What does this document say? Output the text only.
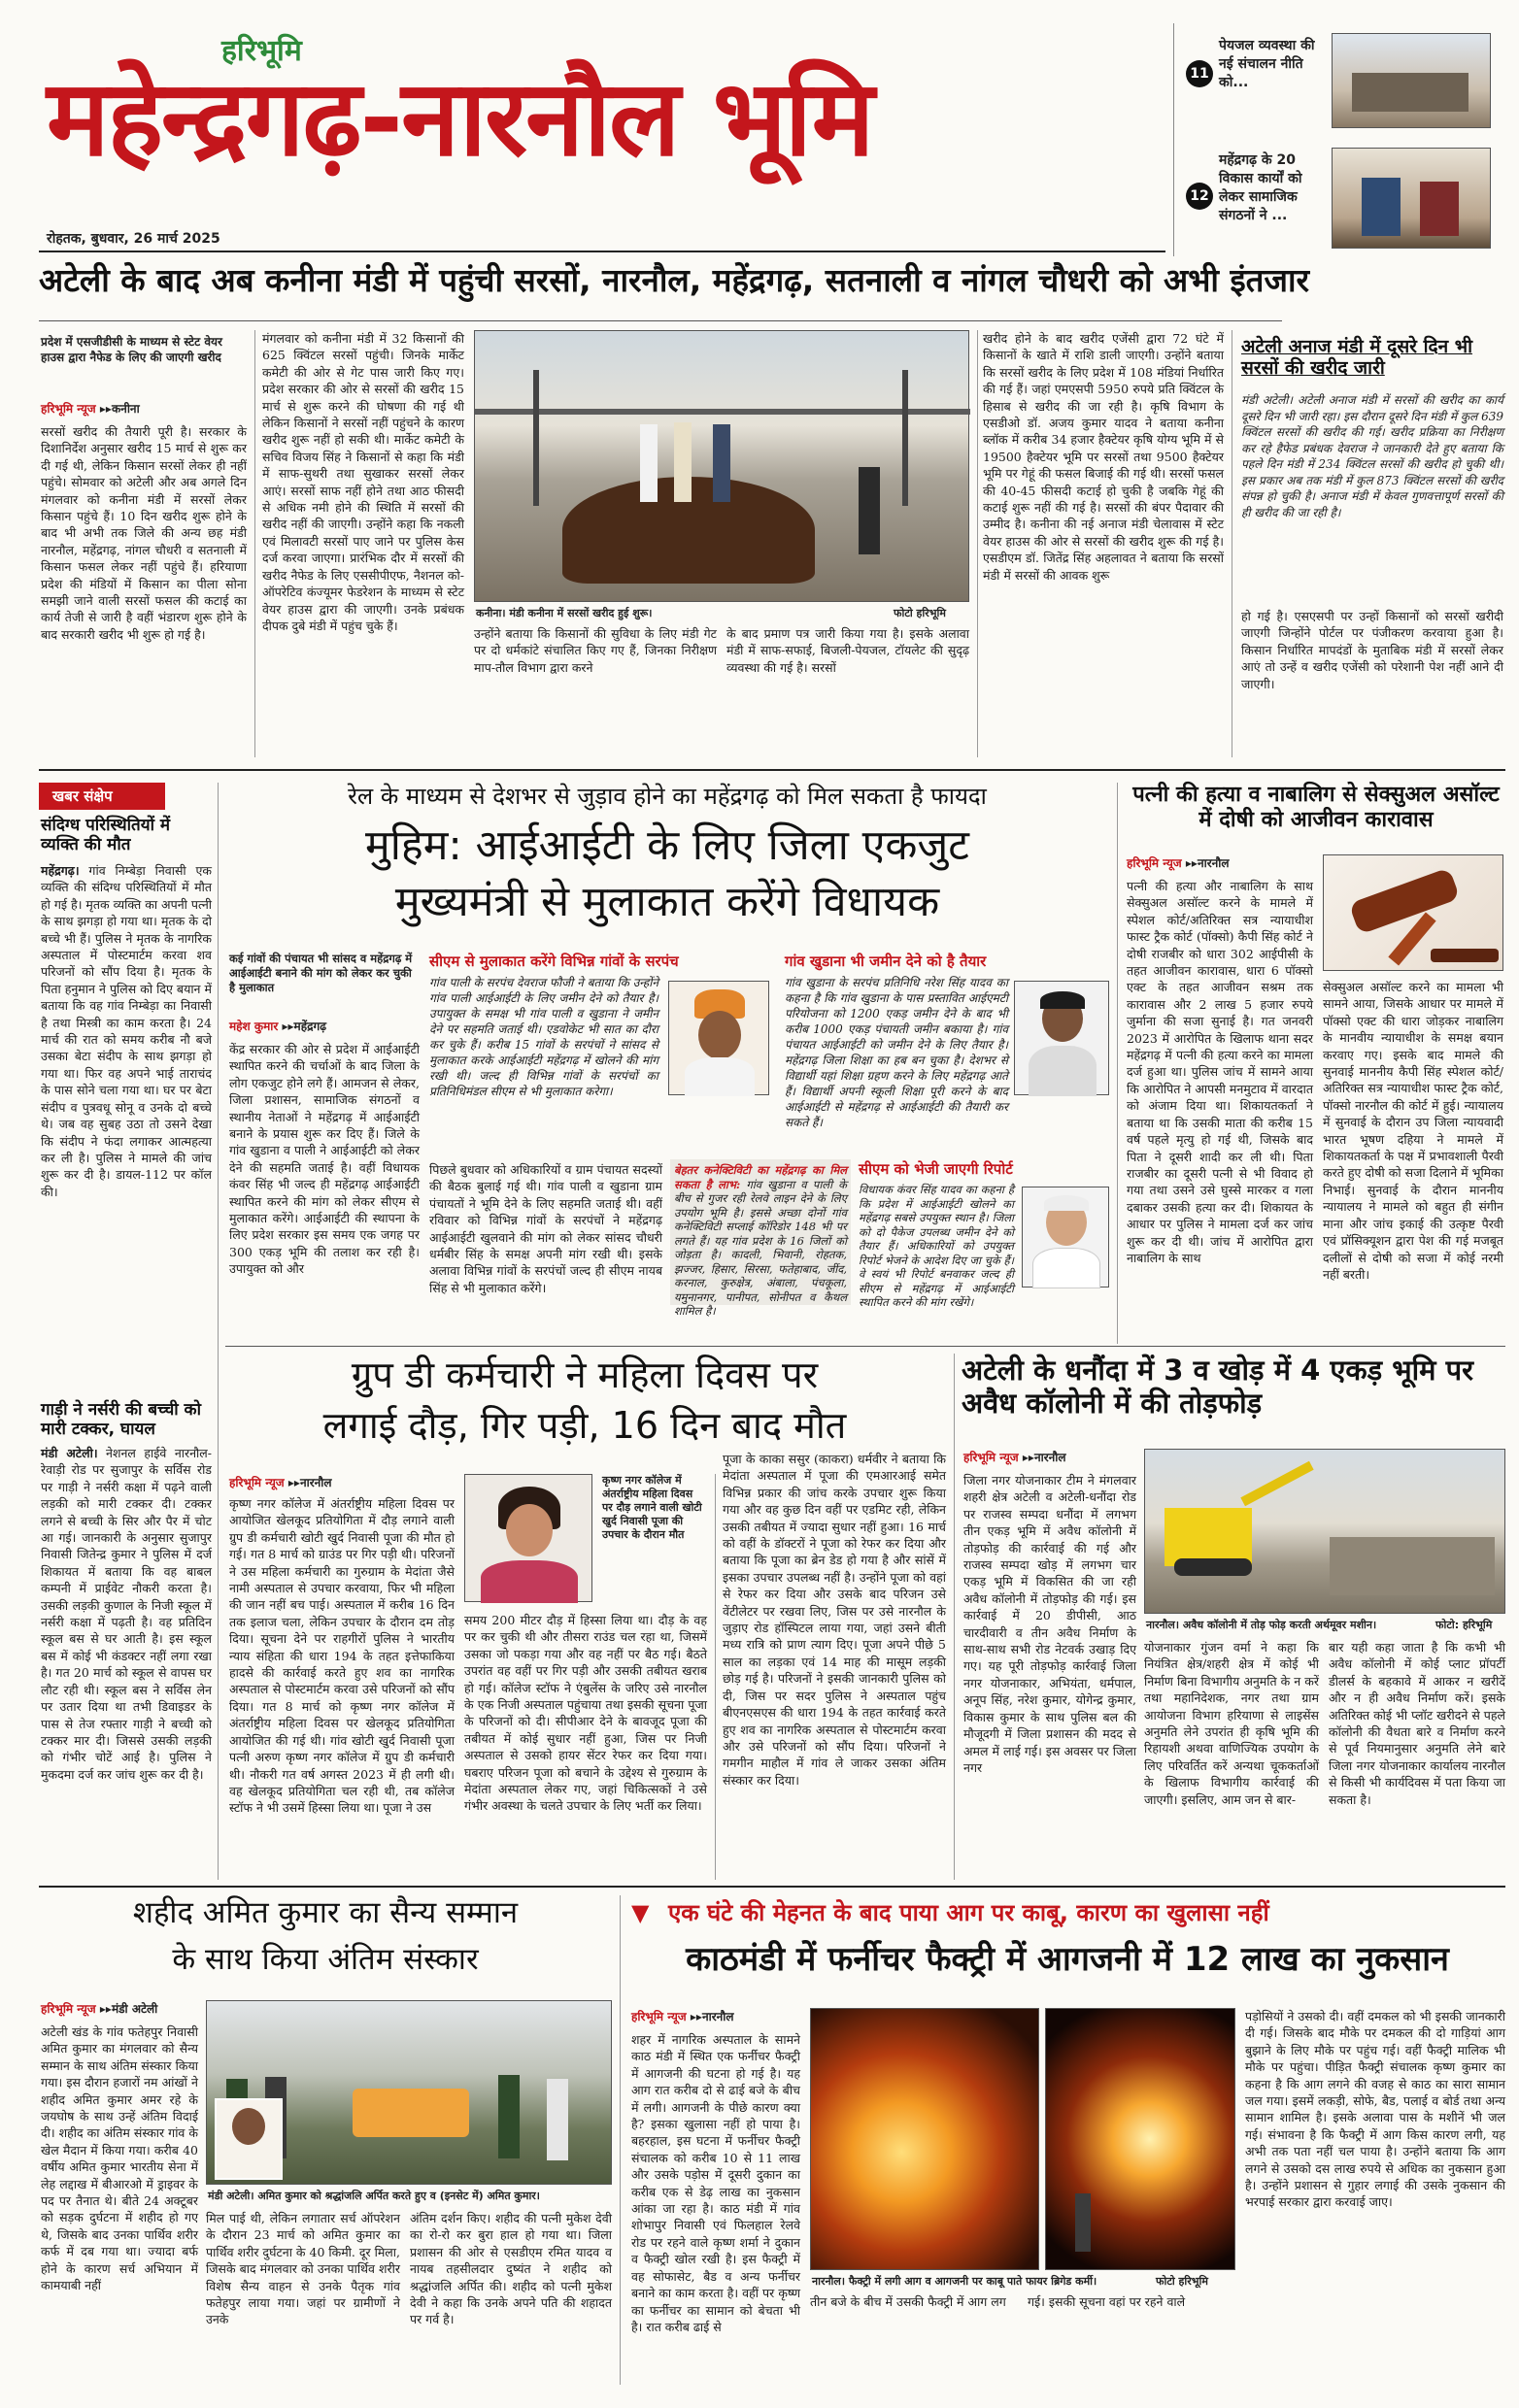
हरिभूमि
महेन्द्रगढ़-नारनौल भूमि
रोहतक, बुधवार, 26 मार्च 2025
11
पेयजल व्यवस्था की नई संचालन नीति को...
12
महेंद्रगढ़ के 20 विकास कार्यों को लेकर सामाजिक संगठनों ने ...
अटेली के बाद अब कनीना मंडी में पहुंची सरसों, नारनौल, महेंद्रगढ़, सतनाली व नांगल चौधरी को अभी इंतजार
प्रदेश में एसजीडीसी के माध्यम से स्टेट वेयर हाउस द्वारा नैफेड के लिए की जाएगी खरीद
हरिभूमि न्यूज ▸▸कनीना
सरसों खरीद की तैयारी पूरी है। सरकार के दिशानिर्देश अनुसार खरीद 15 मार्च से शुरू कर दी गई थी, लेकिन किसान सरसों लेकर ही नहीं पहुंचे। सोमवार को अटेली और अब अगले दिन मंगलवार को कनीना मंडी में सरसों लेकर किसान पहुंचे हैं। 10 दिन खरीद शुरू होने के बाद भी अभी तक जिले की अन्य छह मंडी नारनौल, महेंद्रगढ़, नांगल चौधरी व सतनाली में किसान फसल लेकर नहीं पहुंचे हैं। हरियाणा प्रदेश की मंडियों में किसान का पीला सोना समझी जाने वाली सरसों फसल की कटाई का कार्य तेजी से जारी है वहीं भंडारण शुरू होने के बाद सरकारी खरीद भी शुरू हो गई है।
मंगलवार को कनीना मंडी में 32 किसानों की 625 क्विंटल सरसों पहुंची। जिनके मार्केट कमेटी की ओर से गेट पास जारी किए गए। प्रदेश सरकार की ओर से सरसों की खरीद 15 मार्च से शुरू करने की घोषणा की गई थी लेकिन किसानों ने सरसों नहीं पहुंचने के कारण खरीद शुरू नहीं हो सकी थी। मार्केट कमेटी के सचिव विजय सिंह ने किसानों से कहा कि मंडी में साफ-सुथरी तथा सुखाकर सरसों लेकर आएं। सरसों साफ नहीं होने तथा आठ फीसदी से अधिक नमी होने की स्थिति में सरसों की खरीद नहीं की जाएगी। उन्होंने कहा कि नकली एवं मिलावटी सरसों पाए जाने पर पुलिस केस दर्ज करवा जाएगा। प्रारंभिक दौर में सरसों की खरीद नैफेड के लिए एससीपीएफ, नैशनल को-ऑपरेटिव कंज्यूमर फेडरेशन के माध्यम से स्टेट वेयर हाउस द्वारा की जाएगी। उनके प्रबंधक दीपक दुबे मंडी में पहुंच चुके हैं।
कनीना। मंडी कनीना में सरसों खरीद हुई शुरू।	फोटो हरिभूमि
उन्होंने बताया कि किसानों की सुविधा के लिए मंडी गेट पर दो धर्मकांटे संचालित किए गए हैं, जिनका निरीक्षण माप-तौल विभाग द्वारा करने
के बाद प्रमाण पत्र जारी किया गया है। इसके अलावा मंडी में साफ-सफाई, बिजली-पेयजल, टॉयलेट की सुदृढ़ व्यवस्था की गई है। सरसों
खरीद होने के बाद खरीद एजेंसी द्वारा 72 घंटे में किसानों के खाते में राशि डाली जाएगी। उन्होंने बताया कि सरसों खरीद के लिए प्रदेश में 108 मंडियां निर्धारित की गई हैं। जहां एमएसपी 5950 रुपये प्रति क्विंटल के हिसाब से खरीद की जा रही है। कृषि विभाग के एसडीओ डॉ. अजय कुमार यादव ने बताया कनीना ब्लॉक में करीब 34 हजार हैक्टेयर कृषि योग्य भूमि में से 19500 हैक्टेयर भूमि पर सरसों तथा 9500 हैक्टेयर भूमि पर गेहूं की फसल बिजाई की गई थी। सरसों फसल की 40-45 फीसदी कटाई हो चुकी है जबकि गेहूं की कटाई शुरू नहीं की गई है। सरसों की बंपर पैदावार की उम्मीद है। कनीना की नई अनाज मंडी चेलावास में स्टेट वेयर हाउस की ओर से सरसों की खरीद शुरू की गई है। एसडीएम डॉ. जितेंद्र सिंह अहलावत ने बताया कि सरसों मंडी में सरसों की आवक शुरू
अटेली अनाज मंडी में दूसरे दिन भी सरसों की खरीद जारी
मंडी अटेली। अटेली अनाज मंडी में सरसों की खरीद का कार्य दूसरे दिन भी जारी रहा। इस दौरान दूसरे दिन मंडी में कुल 639 क्विंटल सरसों की खरीद की गई। खरीद प्रक्रिया का निरीक्षण कर रहे हैफेड प्रबंधक देवराज ने जानकारी देते हुए बताया कि पहले दिन मंडी में 234 क्विंटल सरसों की खरीद हो चुकी थी। इस प्रकार अब तक मंडी में कुल 873 क्विंटल सरसों की खरीद संपन्न हो चुकी है। अनाज मंडी में केवल गुणवत्तापूर्ण सरसों की ही खरीद की जा रही है।
हो गई है। एसएसपी पर उन्हों किसानों को सरसों खरीदी जाएगी जिन्होंने पोर्टल पर पंजीकरण करवाया हुआ है। किसान निर्धारित मापदंडों के मुताबिक मंडी में सरसों लेकर आएं तो उन्हें व खरीद एजेंसी को परेशानी पेश नहीं आने दी जाएगी।
खबर संक्षेप
संदिग्ध परिस्थितियों में व्यक्ति की मौत
महेंद्रगढ़। गांव निम्बेड़ा निवासी एक व्यक्ति की संदिग्ध परिस्थितियों में मौत हो गई है। मृतक व्यक्ति का अपनी पत्नी के साथ झगड़ा हो गया था। मृतक के दो बच्चे भी हैं। पुलिस ने मृतक के नागरिक अस्पताल में पोस्टमार्टम करवा शव परिजनों को सौंप दिया है। मृतक के पिता हनुमान ने पुलिस को दिए बयान में बताया कि वह गांव निम्बेड़ा का निवासी है तथा मिस्त्री का काम करता है। 24 मार्च की रात को समय करीब नौ बजे उसका बेटा संदीप के साथ झगड़ा हो गया था। फिर वह अपने भाई ताराचंद के पास सोने चला गया था। घर पर बेटा संदीप व पुत्रवधू सोनू व उनके दो बच्चे थे। जब वह सुबह उठा तो उसने देखा कि संदीप ने फंदा लगाकर आत्महत्या कर ली है। पुलिस ने मामले की जांच शुरू कर दी है। डायल-112 पर कॉल की।
गाड़ी ने नर्सरी की बच्ची को मारी टक्कर, घायल
मंडी अटेली। नेशनल हाईवे नारनौल-रेवाड़ी रोड पर सुजापुर के सर्विस रोड पर गाड़ी ने नर्सरी कक्षा में पढ़ने वाली लड़की को मारी टक्कर दी। टक्कर लगने से बच्ची के सिर और पैर में चोट आ गई। जानकारी के अनुसार सुजापुर निवासी जितेन्द्र कुमार ने पुलिस में दर्ज शिकायत में बताया कि वह बाबल कम्पनी में प्राईवेट नौकरी करता है। उसकी लड़की कुणाल के निजी स्कूल में नर्सरी कक्षा में पढ़ती है। वह प्रतिदिन स्कूल बस से घर आती है। इस स्कूल बस में कोई भी कंडक्टर नहीं लगा रखा है। गत 20 मार्च को स्कूल से वापस घर लौट रही थी। स्कूल बस ने सर्विस लेन पर उतार दिया था तभी डिवाइडर के पास से तेज रफ्तार गाड़ी ने बच्ची को टक्कर मार दी। जिससे उसकी लड़की को गंभीर चोटें आई है। पुलिस ने मुकदमा दर्ज कर जांच शुरू कर दी है।
रेल के माध्यम से देशभर से जुड़ाव होने का महेंद्रगढ़ को मिल सकता है फायदा
मुहिम: आईआईटी के लिए जिला एकजुट
मुख्यमंत्री से मुलाकात करेंगे विधायक
कई गांवों की पंचायत भी सांसद व महेंद्रगढ़ में आईआईटी बनाने की मांग को लेकर कर चुकी है मुलाकात
महेश कुमार ▸▸महेंद्रगढ़
केंद्र सरकार की ओर से प्रदेश में आईआईटी स्थापित करने की चर्चाओं के बाद जिला के लोग एकजुट होने लगे हैं। आमजन से लेकर, जिला प्रशासन, सामाजिक संगठनों व स्थानीय नेताओं ने महेंद्रगढ़ में आईआईटी बनाने के प्रयास शुरू कर दिए हैं। जिले के गांव खुडाना व पाली ने आईआईटी को लेकर देने की सहमति जताई है। वहीं विधायक कंवर सिंह भी जल्द ही महेंद्रगढ़ आईआईटी स्थापित करने की मांग को लेकर सीएम से मुलाकात करेंगे। आईआईटी की स्थापना के लिए प्रदेश सरकार इस समय एक जगह पर 300 एकड़ भूमि की तलाश कर रही है। उपायुक्त को और
सीएम से मुलाकात करेंगे विभिन्न गांवों के सरपंच
गांव पाली के सरपंच देवराज फौजी ने बताया कि उन्होंने गांव पाली आईआईटी के लिए जमीन देने को तैयार है। उपायुक्त के समक्ष भी गांव पाली व खुडाना ने जमीन देने पर सहमति जताई थी। एडवोकेट भी सात का दौरा कर चुके हैं। करीब 15 गांवों के सरपंचों ने सांसद से मुलाकात करके आईआईटी महेंद्रगढ़ में खोलने की मांग रखी थी। जल्द ही विभिन्न गांवों के सरपंचों का प्रतिनिधिमंडल सीएम से भी मुलाकात करेगा।
गांव खुडाना भी जमीन देने को है तैयार
गांव खुडाना के सरपंच प्रतिनिधि नरेश सिंह यादव का कहना है कि गांव खुडाना के पास प्रस्तावित आईएमटी परियोजना को 1200 एकड़ जमीन देने के बाद भी करीब 1000 एकड़ पंचायती जमीन बकाया है। गांव पंचायत आईआईटी को जमीन देने के लिए तैयार है। महेंद्रगढ़ जिला शिक्षा का हब बन चुका है। देशभर से विद्यार्थी यहां शिक्षा ग्रहण करने के लिए महेंद्रगढ़ आते हैं। विद्यार्थी अपनी स्कूली शिक्षा पूरी करने के बाद आईआईटी से महेंद्रगढ़ से आईआईटी की तैयारी कर सकते हैं।
पिछले बुधवार को अधिकारियों व ग्राम पंचायत सदस्यों की बैठक बुलाई गई थी। गांव पाली व खुडाना ग्राम पंचायतों ने भूमि देने के लिए सहमति जताई थी। वहीं रविवार को विभिन्न गांवों के सरपंचों ने महेंद्रगढ़ आईआईटी खुलवाने की मांग को लेकर सांसद चौधरी धर्मबीर सिंह के समक्ष अपनी मांग रखी थी। इसके अलावा विभिन्न गांवों के सरपंचों जल्द ही सीएम नायब सिंह से भी मुलाकात करेंगे।
बेहतर कनेक्टिविटी का महेंद्रगढ़ का मिल सकता है लाभ: गांव खुडाना व पाली के बीच से गुजर रही रेलवे लाइन देने के लिए उपयोग भूमि है। इससे अच्छा दोनों गांव कनेक्टिविटी सप्लाई कॉरिडोर 148 भी पर लगते हैं। यह गांव प्रदेश के 16 जिलों को जोड़ता है। कादली, भिवानी, रोहतक, झज्जर, हिसार, सिरसा, फतेहाबाद, जींद, करनाल, कुरुक्षेत्र, अंबाला, पंचकूला, यमुनानगर, पानीपत, सोनीपत व कैथल शामिल है।
सीएम को भेजी जाएगी रिपोर्ट
विधायक कंवर सिंह यादव का कहना है कि प्रदेश में आईआईटी खोलने का महेंद्रगढ़ सबसे उपयुक्त स्थान है। जिला को दो पैकेज उपलब्ध जमीन देने को तैयार हैं। अधिकारियों को उपयुक्त रिपोर्ट भेजने के आदेश दिए जा चुके हैं। वे स्वयं भी रिपोर्ट बनवाकर जल्द ही सीएम से महेंद्रगढ़ में आईआईटी स्थापित करने की मांग रखेंगे।
पत्नी की हत्या व नाबालिग से सेक्सुअल असॉल्ट में दोषी को आजीवन कारावास
हरिभूमि न्यूज ▸▸नारनौल
पत्नी की हत्या और नाबालिग के साथ सेक्सुअल असॉल्ट करने के मामले में स्पेशल कोर्ट/अतिरिक्त सत्र न्यायाधीश फास्ट ट्रैक कोर्ट (पॉक्सो) कैपी सिंह कोर्ट ने दोषी राजबीर को धारा 302 आईपीसी के तहत आजीवन कारावास, धारा 6 पॉक्सो एक्ट के तहत आजीवन सश्रम तक कारावास और 2 लाख 5 हजार रुपये जुर्माना की सजा सुनाई है। गत जनवरी 2023 में आरोपित के खिलाफ थाना सदर महेंद्रगढ़ में पत्नी की हत्या करने का मामला दर्ज हुआ था। पुलिस जांच में सामने आया कि आरोपित ने आपसी मनमुटाव में वारदात को अंजाम दिया था। शिकायतकर्ता ने बताया था कि उसकी माता की करीब 15 वर्ष पहले मृत्यु हो गई थी, जिसके बाद पिता ने दूसरी शादी कर ली थी। पिता राजबीर का दूसरी पत्नी से भी विवाद हो गया तथा उसने उसे घुस्से मारकर व गला दबाकर उसकी हत्या कर दी। शिकायत के आधार पर पुलिस ने मामला दर्ज कर जांच शुरू कर दी थी। जांच में आरोपित द्वारा नाबालिग के साथ
सेक्सुअल असॉल्ट करने का मामला भी सामने आया, जिसके आधार पर मामले में पॉक्सो एक्ट की धारा जोड़कर नाबालिग के मानवीय न्यायाधीश के समक्ष बयान करवाए गए। इसके बाद मामले की सुनवाई माननीय कैपी सिंह स्पेशल कोर्ट/अतिरिक्त सत्र न्यायाधीश फास्ट ट्रैक कोर्ट, पॉक्सो नारनौल की कोर्ट में हुई। न्यायालय में सुनवाई के दौरान उप जिला न्यायवादी भारत भूषण दहिया ने मामले में शिकायतकर्ता के पक्ष में प्रभावशाली पैरवी करते हुए दोषी को सजा दिलाने में भूमिका निभाई। सुनवाई के दौरान माननीय न्यायालय ने मामले को बहुत ही संगीन माना और जांच इकाई की उत्कृष्ट पैरवी एवं प्रॉसिक्यूशन द्वारा पेश की गई मजबूत दलीलों से दोषी को सजा में कोई नरमी नहीं बरती।
ग्रुप डी कर्मचारी ने महिला दिवस पर
लगाई दौड़, गिर पड़ी, 16 दिन बाद मौत
हरिभूमि न्यूज ▸▸नारनौल
कृष्ण नगर कॉलेज में अंतर्राष्ट्रीय महिला दिवस पर आयोजित खेलकूद प्रतियोगिता में दौड़ लगाने वाली ग्रुप डी कर्मचारी खोटी खुर्द निवासी पूजा की मौत हो गई। गत 8 मार्च को ग्राउंड पर गिर पड़ी थी। परिजनों ने उस महिला कर्मचारी का गुरुग्राम के मेदांता जैसे नामी अस्पताल से उपचार करवाया, फिर भी महिला की जान नहीं बच पाई। अस्पताल में करीब 16 दिन तक इलाज चला, लेकिन उपचार के दौरान दम तोड़ दिया। सूचना देने पर राहगीरों पुलिस ने भारतीय न्याय संहिता की धारा 194 के तहत इत्तेफाकिया हादसे की कार्रवाई करते हुए शव का नागरिक अस्पताल से पोस्टमार्टम करवा उसे परिजनों को सौंप दिया। गत 8 मार्च को कृष्ण नगर कॉलेज में अंतर्राष्ट्रीय महिला दिवस पर खेलकूद प्रतियोगिता आयोजित की गई थी। गांव खोटी खुर्द निवासी पूजा पत्नी अरुण कृष्ण नगर कॉलेज में ग्रुप डी कर्मचारी थी। नौकरी गत वर्ष अगस्त 2023 में ही लगी थी। वह खेलकूद प्रतियोगिता चल रही थी, तब कॉलेज स्टॉफ ने भी उसमें हिस्सा लिया था। पूजा ने उस
कृष्ण नगर कॉलेज में अंतर्राष्ट्रीय महिला दिवस पर दौड़ लगाने वाली खोटी खुर्द निवासी पूजा की उपचार के दौरान मौत
समय 200 मीटर दौड़ में हिस्सा लिया था। दौड़ के वह पर कर चुकी थी और तीसरा राउंड चल रहा था, जिसमें उसका जो पकड़ा गया और वह नहीं पर बैठ गई। बैठते उपरांत वह वहीं पर गिर पड़ी और उसकी तबीयत खराब हो गई। कॉलेज स्टॉफ ने एंबुलेंस के जरिए उसे नारनौल के एक निजी अस्पताल पहुंचाया तथा इसकी सूचना पूजा के परिजनों को दी। सीपीआर देने के बावजूद पूजा की तबीयत में कोई सुधार नहीं हुआ, जिस पर निजी अस्पताल से उसको हायर सेंटर रेफर कर दिया गया। घबराए परिजन पूजा को बचाने के उद्देश्य से गुरुग्राम के मेदांता अस्पताल लेकर गए, जहां चिकित्सकों ने उसे गंभीर अवस्था के चलते उपचार के लिए भर्ती कर लिया।
पूजा के काका ससुर (काकरा) धर्मवीर ने बताया कि मेदांता अस्पताल में पूजा की एमआरआई समेत विभिन्न प्रकार की जांच करके उपचार शुरू किया गया और वह कुछ दिन वहीं पर एडमिट रही, लेकिन उसकी तबीयत में ज्यादा सुधार नहीं हुआ। 16 मार्च को वहीं के डॉक्टरों ने पूजा को रेफर कर दिया और बताया कि पूजा का ब्रेन डेड हो गया है और सांसें में इसका उपचार उपलब्ध नहीं है। उन्होंने पूजा को वहां से रेफर कर दिया और उसके बाद परिजन उसे वेंटीलेटर पर रखवा लिए, जिस पर उसे नारनौल के जुड़ाए रोड हॉस्पिटल लाया गया, जहां उसने बीती मध्य रात्रि को प्राण त्याग दिए। पूजा अपने पीछे 5 साल का लड़का एवं 14 माह की मासूम लड़की छोड़ गई है। परिजनों ने इसकी जानकारी पुलिस को दी, जिस पर सदर पुलिस ने अस्पताल पहुंच बीएनएसएस की धारा 194 के तहत कार्रवाई करते हुए शव का नागरिक अस्पताल से पोस्टमार्टम करवा और उसे परिजनों को सौंप दिया। परिजनों ने गमगीन माहौल में गांव ले जाकर उसका अंतिम संस्कार कर दिया।
अटेली के धनौंदा में 3 व खोड़ में 4 एकड़ भूमि पर अवैध कॉलोनी में की तोड़फोड़
हरिभूमि न्यूज ▸▸नारनौल
जिला नगर योजनाकार टीम ने मंगलवार शहरी क्षेत्र अटेली व अटेली-धनौंदा रोड पर राजस्व सम्पदा धनौंदा में लगभग तीन एकड़ भूमि में अवैध कॉलोनी में तोड़फोड़ की कार्रवाई की गई और राजस्व सम्पदा खोड़ में लगभग चार एकड़ भूमि में विकसित की जा रही अवैध कॉलोनी में तोड़फोड़ की गई। इस कार्रवाई में 20 डीपीसी, आठ चारदीवारी व तीन अवैध निर्माण के साथ-साथ सभी रोड नेटवर्क उखाड़ दिए गए। यह पूरी तोड़फोड़ कार्रवाई जिला नगर योजनाकार, अभियंता, धर्मपाल, अनूप सिंह, नरेश कुमार, योगेन्द्र कुमार, विकास कुमार के साथ पुलिस बल की मौजूदगी में जिला प्रशासन की मदद से अमल में लाई गई। इस अवसर पर जिला नगर
नारनौल। अवैध कॉलोनी में तोड़ फोड़ करती अर्थमूवर मशीन।	फोटो: हरिभूमि
योजनाकार गुंजन वर्मा ने कहा कि नियंत्रित क्षेत्र/शहरी क्षेत्र में कोई भी निर्माण बिना विभागीय अनुमति के न करें तथा महानिदेशक, नगर तथा ग्राम आयोजना विभाग हरियाणा से लाइसेंस अनुमति लेने उपरांत ही कृषि भूमि की रिहायशी अथवा वाणिज्यिक उपयोग के लिए परिवर्तित करें अन्यथा चूककर्ताओं के खिलाफ विभागीय कार्रवाई की जाएगी। इसलिए, आम जन से बार-
बार यही कहा जाता है कि कभी भी अवैध कॉलोनी में कोई प्लाट प्रॉपर्टी डीलर्स के बहकावे में आकर न खरीदें और न ही अवैध निर्माण करें। इसके अतिरिक्त कोई भी प्लॉट खरीदने से पहले कॉलोनी की वैधता बारे व निर्माण करने से पूर्व नियमानुसार अनुमति लेने बारे जिला नगर योजनाकार कार्यालय नारनौल से किसी भी कार्यदिवस में पता किया जा सकता है।
शहीद अमित कुमार का सैन्य सम्मान
के साथ किया अंतिम संस्कार
हरिभूमि न्यूज ▸▸मंडी अटेली
अटेली खंड के गांव फतेहपुर निवासी अमित कुमार का मंगलवार को सैन्य सम्मान के साथ अंतिम संस्कार किया गया। इस दौरान हजारों नम आंखों ने शहीद अमित कुमार अमर रहे के जयघोष के साथ उन्हें अंतिम विदाई दी। शहीद का अंतिम संस्कार गांव के खेल मैदान में किया गया। करीब 40 वर्षीय अमित कुमार भारतीय सेना में लेह लद्दाख में बीआरओ में ड्राइवर के पद पर तैनात थे। बीते 24 अक्टूबर को सड़क दुर्घटना में शहीद हो गए थे, जिसके बाद उनका पार्थिव शरीर कर्फ में दब गया था। ज्यादा बर्फ होने के कारण सर्च अभियान में कामयाबी नहीं
मंडी अटेली। अमित कुमार को श्रद्धांजलि अर्पित करते हुए व (इनसेट में) अमित कुमार।
मिल पाई थी, लेकिन लगातार सर्च ऑपरेशन के दौरान 23 मार्च को अमित कुमार का पार्थिव शरीर दुर्घटना के 40 किमी. दूर मिला, जिसके बाद मंगलवार को उनका पार्थिव शरीर विशेष सैन्य वाहन से उनके पैतृक गांव फतेहपुर लाया गया। जहां पर ग्रामीणों ने उनके
अंतिम दर्शन किए। शहीद की पत्नी मुकेश देवी का रो-रो कर बुरा हाल हो गया था। जिला प्रशासन की ओर से एसडीएम रमित यादव व नायब तहसीलदार दुष्यंत ने शहीद को श्रद्धांजलि अर्पित की। शहीद को पत्नी मुकेश देवी ने कहा कि उनके अपने पति की शहादत पर गर्व है।
▼ एक घंटे की मेहनत के बाद पाया आग पर काबू, कारण का खुलासा नहीं
काठमंडी में फर्नीचर फैक्ट्री में आगजनी में 12 लाख का नुकसान
हरिभूमि न्यूज ▸▸नारनौल
शहर में नागरिक अस्पताल के सामने काठ मंडी में स्थित एक फर्नीचर फैक्ट्री में आगजनी की घटना हो गई है। यह आग रात करीब दो से ढाई बजे के बीच में लगी। आगजनी के पीछे कारण क्या है? इसका खुलासा नहीं हो पाया है। बहरहाल, इस घटना में फर्नीचर फैक्ट्री संचालक को करीब 10 से 11 लाख और उसके पड़ोस में दूसरी दुकान का करीब एक से डेढ़ लाख का नुकसान आंका जा रहा है। काठ मंडी में गांव शोभापुर निवासी एवं फिलहाल रेलवे रोड पर रहने वाले कृष्ण शर्मा ने दुकान व फैक्ट्री खोल रखी है। इस फैक्ट्री में वह सोफासेट, बैड व अन्य फर्नीचर बनाने का काम करता है। वहीं पर कृष्ण का फर्नीचर का सामान को बेचता भी है। रात करीब ढाई से
नारनौल। फैक्ट्री में लगी आग व आगजनी पर काबू पाते फायर ब्रिगेड कर्मी।	फोटो हरिभूमि
तीन बजे के बीच में उसकी फैक्ट्री में आग लग	गई। इसकी सूचना वहां पर रहने वाले
पड़ोसियों ने उसको दी। वहीं दमकल को भी इसकी जानकारी दी गई। जिसके बाद मौके पर दमकल की दो गाड़ियां आग बुझाने के लिए मौके पर पहुंच गई। वहीं फैक्ट्री मालिक भी मौके पर पहुंचा। पीड़ित फैक्ट्री संचालक कृष्ण कुमार का कहना है कि आग लगने की वजह से काठ का सारा सामान जल गया। इसमें लकड़ी, सोफे, बैड, पलाई व बोर्ड तथा अन्य सामान शामिल है। इसके अलावा पास के मशीनें भी जल गई। संभावना है कि फैक्ट्री में आग किस कारण लगी, यह अभी तक पता नहीं चल पाया है। उन्होंने बताया कि आग लगने से उसको दस लाख रुपये से अधिक का नुकसान हुआ है। उन्होंने प्रशासन से गुहार लगाई की उसके नुकसान की भरपाई सरकार द्वारा करवाई जाए।
